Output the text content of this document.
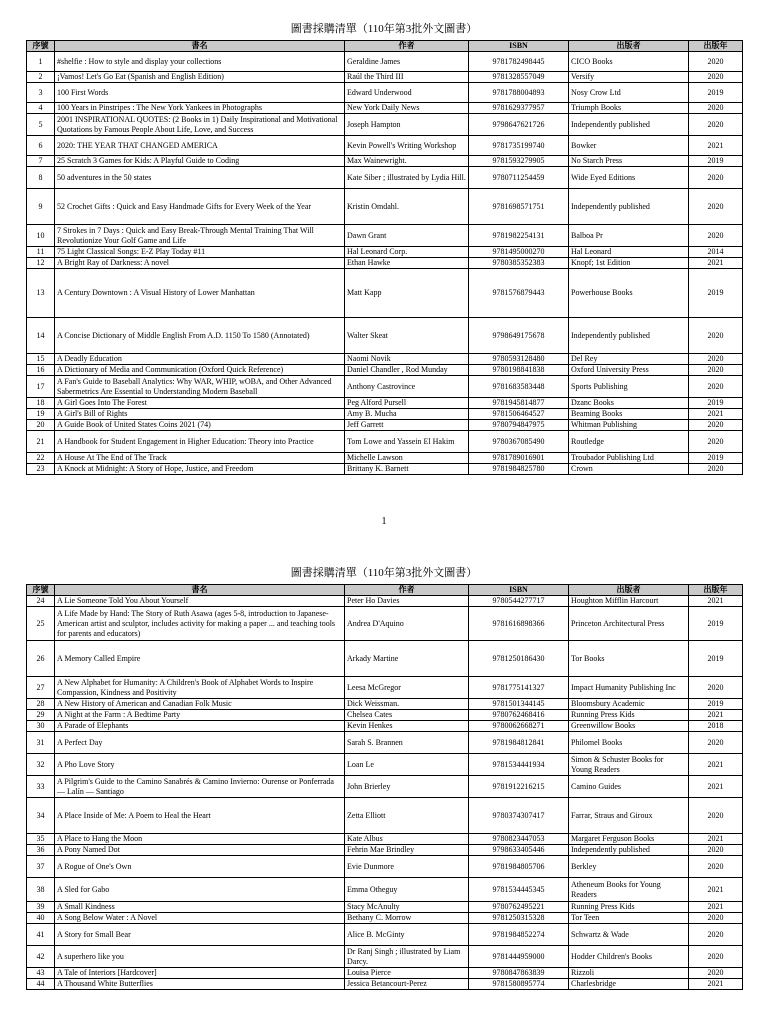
圖書採購清單（110年第3批外文圖書）
序號	書名	作者	ISBN	出版者	出版年
1	#shelfie : How to style and display your collections	Geraldine James	9781782498445	CICO Books	2020
2	¡Vamos! Let's Go Eat (Spanish and English Edition)	Raúl the Third III	9781328557049	Versify	2020
3	100 First Words	Edward Underwood	9781788004893	Nosy Crow Ltd	2019
4	100 Years in Pinstripes : The New York Yankees in Photographs	New York Daily News	9781629377957	Triumph Books	2020
5	2001 INSPIRATIONAL QUOTES: (2 Books in 1) Daily Inspirational and Motivational Quotations by Famous People About Life, Love, and Success	Joseph Hampton	9798647621726	Independently published	2020
6	2020: THE YEAR THAT CHANGED AMERICA	Kevin Powell's Writing Workshop	9781735199740	Bowker	2021
7	25 Scratch 3 Games for Kids: A Playful Guide to Coding	Max Wainewright.	9781593279905	No Starch Press	2019
8	50 adventures in the 50 states	Kate Siber ; illustrated by Lydia Hill.	9780711254459	Wide Eyed Editions	2020
9	52 Crochet Gifts : Quick and Easy Handmade Gifts for Every Week of the Year	Kristin Omdahl.	9781698571751	Independently published	2020
10	7 Strokes in 7 Days : Quick and Easy Break-Through Mental Training That Will Revolutionize Your Golf Game and Life	Dawn Grant	9781982254131	Balboa Pr	2020
11	75 Light Classical Songs: E-Z Play Today #11	Hal Leonard Corp.	9781495000270	Hal Leonard	2014
12	A Bright Ray of Darkness: A novel	Ethan Hawke	9780385352383	Knopf; 1st Edition	2021
13	A Century Downtown : A Visual History of Lower Manhattan	Matt Kapp	9781576879443	Powerhouse Books	2019
14	A Concise Dictionary of Middle English From A.D. 1150 To 1580 (Annotated)	Walter Skeat	9798649175678	Independently published	2020
15	A Deadly Education	Naomi Novik	9780593128480	Del Rey	2020
16	A Dictionary of Media and Communication (Oxford Quick Reference)	Daniel Chandler , Rod Munday	9780198841838	Oxford University Press	2020
17	A Fan's Guide to Baseball Analytics: Why WAR, WHIP, wOBA, and Other Advanced Sabermetrics Are Essential to Understanding Modern Baseball	Anthony Castrovince	9781683583448	Sports Publishing	2020
18	A Girl Goes Into The Forest	Peg Alford Pursell	9781945814877	Dzanc Books	2019
19	A Girl's Bill of Rights	Amy B. Mucha	9781506464527	Beaming Books	2021
20	A Guide Book of United States Coins 2021 (74)	Jeff Garrett	9780794847975	Whitman Publishing	2020
21	A Handbook for Student Engagement in Higher Education: Theory into Practice	Tom Lowe and Yassein El Hakim	9780367085490	Routledge	2020
22	A House At The End of The Track	Michelle Lawson	9781789016901	Troubador Publishing Ltd	2019
23	A Knock at Midnight: A Story of Hope, Justice, and Freedom	Brittany K. Barnett	9781984825780	Crown	2020
1
圖書採購清單（110年第3批外文圖書）
序號	書名	作者	ISBN	出版者	出版年
24	A Lie Someone Told You About Yourself	Peter Ho Davies	9780544277717	Houghton Mifflin Harcourt	2021
25	A Life Made by Hand: The Story of Ruth Asawa (ages 5-8, introduction to Japanese-American artist and sculptor, includes activity for making a paper ... and teaching tools for parents and educators)	Andrea D'Aquino	9781616898366	Princeton Architectural Press	2019
26	A Memory Called Empire	Arkady Martine	9781250186430	Tor Books	2019
27	A New Alphabet for Humanity: A Children's Book of Alphabet Words to Inspire Compassion, Kindness and Positivity	Leesa McGregor	9781775141327	Impact Humanity Publishing Inc	2020
28	A New History of American and Canadian Folk Music	Dick Weissman.	9781501344145	Bloomsbury Academic	2019
29	A Night at the Farm : A Bedtime Party	Chelsea Cates	9780762468416	Running Press Kids	2021
30	A Parade of Elephants	Kevin Henkes	9780062668271	Greenwillow Books	2018
31	A Perfect Day	Sarah S. Brannen	9781984812841	Philomel Books	2020
32	A Pho Love Story	Loan Le	9781534441934	Simon & Schuster Books for Young Readers	2021
33	A Pilgrim's Guide to the Camino Sanabrés & Camino Invierno: Ourense or Ponferrada — Lalín — Santiago	John Brierley	9781912216215	Camino Guides	2021
34	A Place Inside of Me: A Poem to Heal the Heart	Zetta Elliott	9780374307417	Farrar, Straus and Giroux	2020
35	A Place to Hang the Moon	Kate Albus	9780823447053	Margaret Ferguson Books	2021
36	A Pony Named Dot	Fehrin Mae Brindley	9798633405446	Independently published	2020
37	A Rogue of One's Own	Evie Dunmore	9781984805706	Berkley	2020
38	A Sled for Gabo	Emma Otheguy	9781534445345	Atheneum Books for Young Readers	2021
39	A Small Kindness	Stacy McAnulty	9780762495221	Running Press Kids	2021
40	A Song Below Water : A Novel	Bethany C. Morrow	9781250315328	Tor Teen	2020
41	A Story for Small Bear	Alice B. McGinty	9781984852274	Schwartz & Wade	2020
42	A superhero like you	Dr Ranj Singh ; illustrated by Liam Darcy.	9781444959000	Hodder Children's Books	2020
43	A Tale of Interiors [Hardcover]	Louisa Pierce	9780847863839	Rizzoli	2020
44	A Thousand White Butterflies	Jessica Betancourt-Perez	9781580895774	Charlesbridge	2021
